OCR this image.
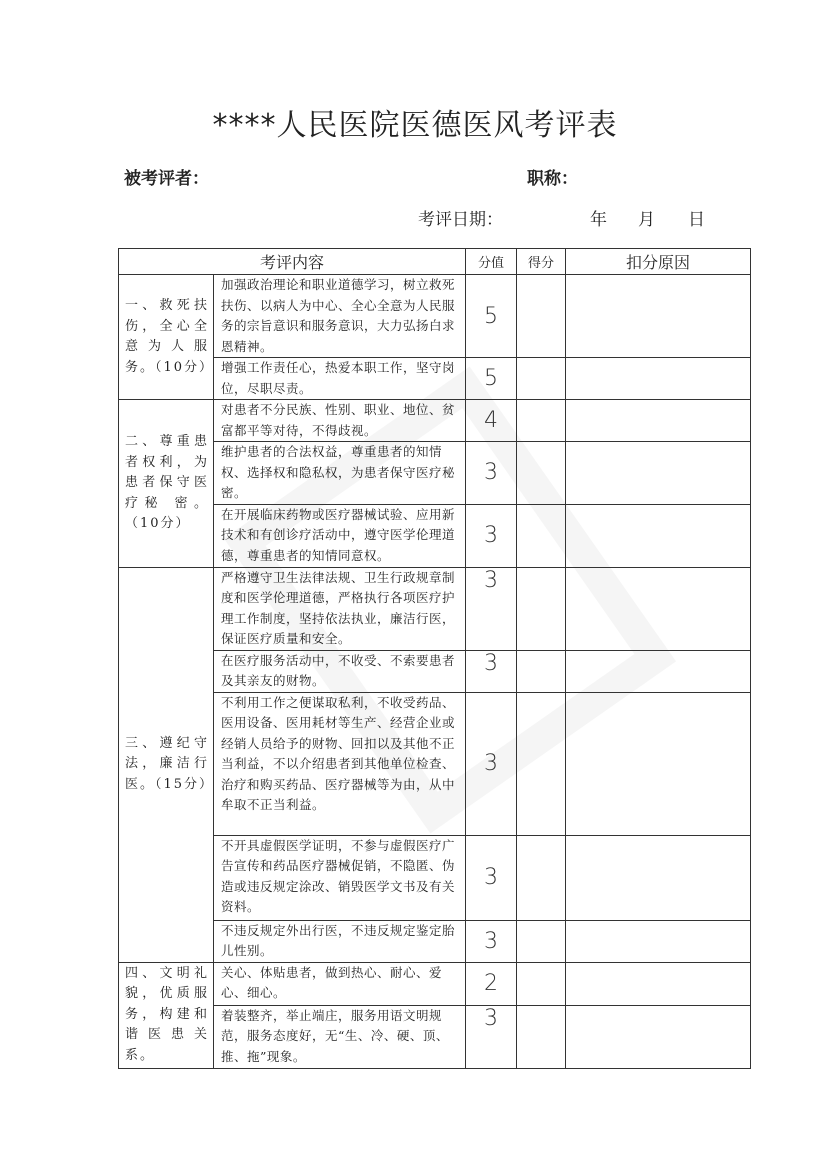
****人民医院医德医风考评表
被考评者：	职称：
考评日期：	年 月 日
考评内容		分值	得分	扣分原因
一、救死扶伤，全心全意为人服务。（10分）	加强政治理论和职业道德学习，树立救死扶伤、以病人为中心、全心全意为人民服务的宗旨意识和服务意识，大力弘扬白求恩精神。	5		
	增强工作责任心，热爱本职工作，坚守岗位，尽职尽责。	5		
二、尊重患者权利，为患者保守医疗秘 密。（10分）	对患者不分民族、性别、职业、地位、贫富都平等对待，不得歧视。	4		
	维护患者的合法权益，尊重患者的知情权、选择权和隐私权，为患者保守医疗秘密。	3		
	在开展临床药物或医疗器械试验、应用新技术和有创诊疗活动中，遵守医学伦理道德，尊重患者的知情同意权。	3		
三、遵纪守法，廉洁行医。（15分）	严格遵守卫生法律法规、卫生行政规章制度和医学伦理道德，严格执行各项医疗护理工作制度，坚持依法执业，廉洁行医，保证医疗质量和安全。	3		
	在医疗服务活动中，不收受、不索要患者及其亲友的财物。	3		
	不利用工作之便谋取私利，不收受药品、医用设备、医用耗材等生产、经营企业或经销人员给予的财物、回扣以及其他不正当利益，不以介绍患者到其他单位检查、治疗和购买药品、医疗器械等为由，从中牟取不正当利益。	3		
	不开具虚假医学证明，不参与虚假医疗广告宣传和药品医疗器械促销，不隐匿、伪造或违反规定涂改、销毁医学文书及有关资料。	3		
	不违反规定外出行医，不违反规定鉴定胎儿性别。	3		
四、文明礼貌，优质服务，构建和谐医患关系。	关心、体贴患者，做到热心、耐心、爱心、细心。	2		
	着装整齐，举止端庄，服务用语文明规范，服务态度好，无“生、冷、硬、顶、推、拖”现象。	3		
